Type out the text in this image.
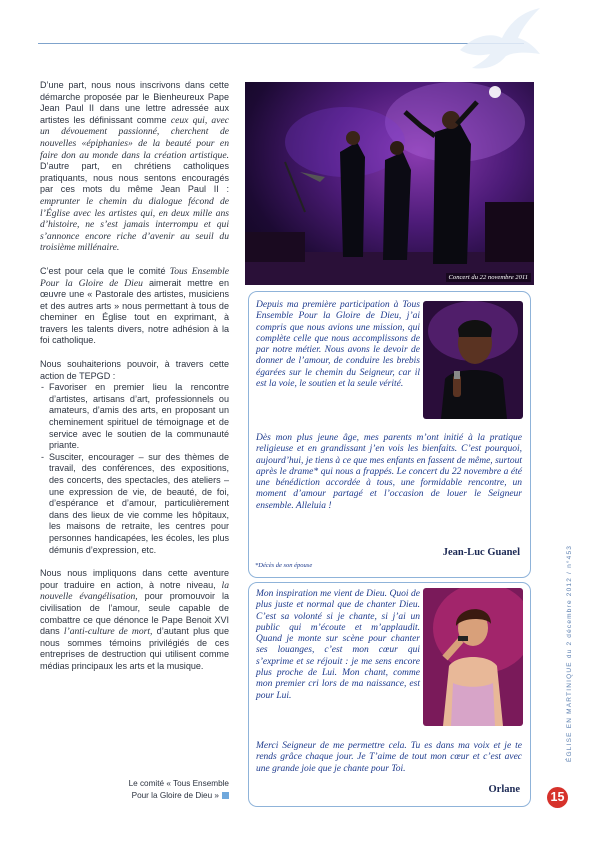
D’une part, nous nous inscrivons dans cette démarche proposée par le Bienheureux Pape Jean Paul II dans une lettre adressée aux artistes les définissant comme ceux qui, avec un dévouement passionné, cherchent de nouvelles «épiphanies» de la beauté pour en faire don au monde dans la création artistique. D’autre part, en chrétiens catholiques pratiquants, nous nous sentons encouragés par ces mots du même Jean Paul II : emprunter le chemin du dialogue fécond de l’Église avec les artistes qui, en deux mille ans d’histoire, ne s’est jamais interrompu et qui s’annonce encore riche d’avenir au seuil du troisième millénaire.

C’est pour cela que le comité Tous Ensemble Pour la Gloire de Dieu aimerait mettre en œuvre une « Pastorale des artistes, musiciens et des autres arts » nous permettant à tous de cheminer en Église tout en exprimant, à travers les talents divers, notre adhésion à la foi catholique.

Nous souhaiterions pouvoir, à travers cette action de TEPGD :

- Favoriser en premier lieu la rencontre d’artistes, artisans d’art, professionnels ou amateurs, d’amis des arts, en proposant un cheminement spirituel de témoignage et de service avec le soutien de la communauté priante.
- Susciter, encourager – sur des thèmes de travail, des conférences, des expositions, des concerts, des spectacles, des ateliers – une expression de vie, de beauté, de foi, d’espérance et d’amour, particulièrement dans des lieux de vie comme les hôpitaux, les maisons de retraite, les centres pour personnes handicapées, les écoles, les plus démunis d’expression, etc.

Nous nous impliquons dans cette aventure pour traduire en action, à notre niveau, la nouvelle évangélisation, pour promouvoir la civilisation de l’amour, seule capable de combattre ce que dénonce le Pape Benoit XVI dans l’anti-culture de mort, d’autant plus que nous sommes témoins privilégiés de ces entreprises de destruction qui utilisent comme médias principaux les arts et la musique.

Le comité « Tous Ensemble
Pour la Gloire de Dieu »
Concert du 22 novembre 2011
Depuis ma première participation à Tous Ensemble Pour la Gloire de Dieu, j’ai compris que nous avions une mission, qui complète celle que nous accomplissons de par notre métier. Nous avons le devoir de donner de l’amour, de conduire les brebis égarées sur le chemin du Seigneur, car il est la voie, le soutien et la seule vérité.
Dès mon plus jeune âge, mes parents m’ont initié à la pratique religieuse et en grandissant j’en vois les bienfaits. C’est pourquoi, aujourd’hui, je tiens à ce que mes enfants en fassent de même, surtout après le drame* qui nous a frappés. Le concert du 22 novembre a été une bénédiction accordée à tous, une formidable rencontre, un moment d’amour partagé et l’occasion de louer le Seigneur ensemble. Alleluia !
Jean-Luc Guanel
*Décès de son épouse
Mon inspiration me vient de Dieu. Quoi de plus juste et normal que de chanter Dieu. C’est sa volonté si je chante, si j’ai un public qui m’écoute et m’applaudit. Quand je monte sur scène pour chanter ses louanges, c’est mon cœur qui s’exprime et se réjouit : je me sens encore plus proche de Lui. Mon chant, comme mon premier cri lors de ma naissance, est pour Lui.
Merci Seigneur de me permettre cela. Tu es dans ma voix et je te rends grâce chaque jour. Je T’aime de tout mon cœur et c’est avec une grande joie que je chante pour Toi.
Orlane
ÉGLISE EN MARTINIQUE du 2 décembre 2012 / n°453
15
